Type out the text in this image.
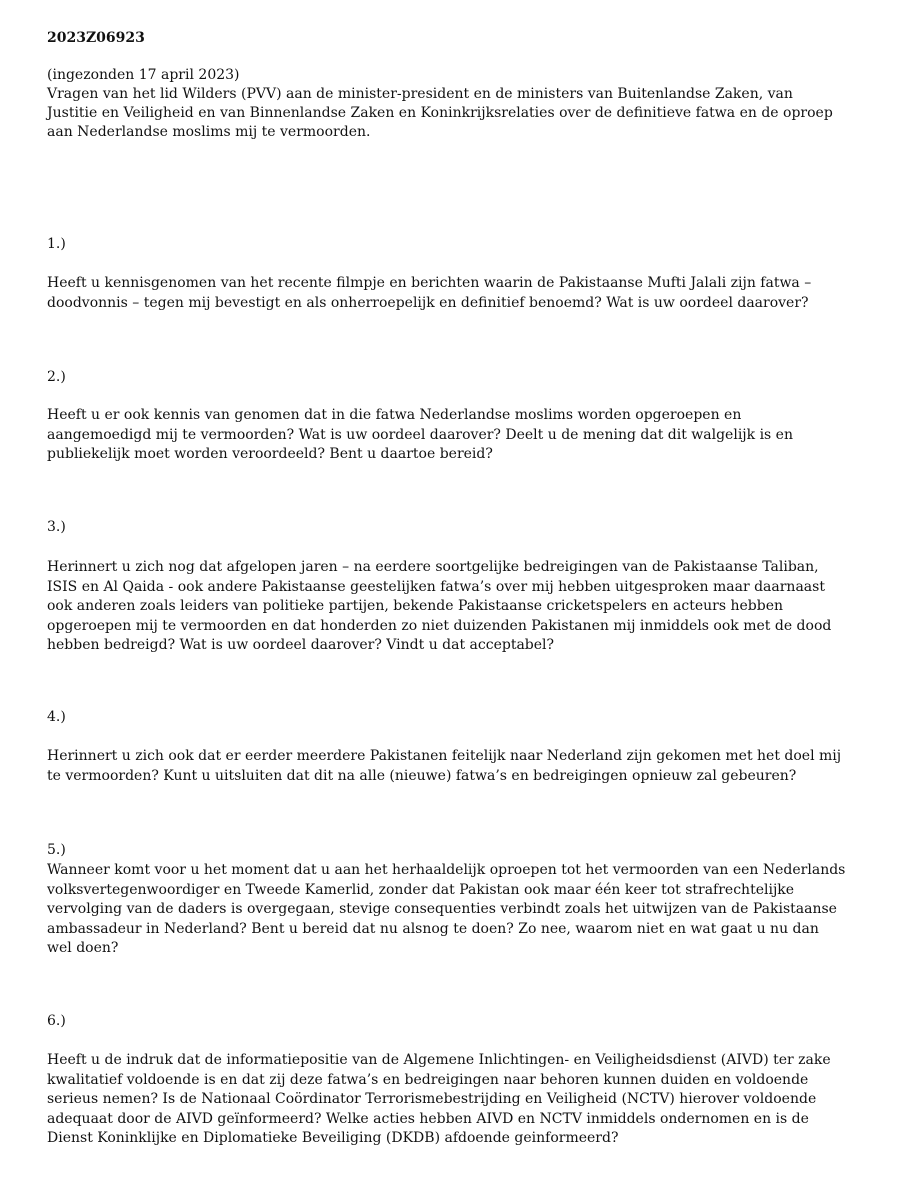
2023Z06923

(ingezonden 17 april 2023)

Vragen van het lid Wilders (PVV) aan de minister-president en de ministers van Buitenlandse Zaken, van Justitie en Veiligheid en van Binnenlandse Zaken en Koninkrijksrelaties over de definitieve fatwa en de oproep aan Nederlandse moslims mij te vermoorden.

1.)

Heeft u kennisgenomen van het recente filmpje en berichten waarin de Pakistaanse Mufti Jalali zijn fatwa – doodvonnis – tegen mij bevestigt en als onherroepelijk en definitief benoemd? Wat is uw oordeel daarover?

2.)

Heeft u er ook kennis van genomen dat in die fatwa Nederlandse moslims worden opgeroepen en aangemoedigd mij te vermoorden? Wat is uw oordeel daarover? Deelt u de mening dat dit walgelijk is en publiekelijk moet worden veroordeeld? Bent u daartoe bereid?

3.)

Herinnert u zich nog dat afgelopen jaren – na eerdere soortgelijke bedreigingen van de Pakistaanse Taliban, ISIS en Al Qaida - ook andere Pakistaanse geestelijken fatwa’s over mij hebben uitgesproken maar daarnaast ook anderen zoals leiders van politieke partijen, bekende Pakistaanse cricketspelers en acteurs hebben opgeroepen mij te vermoorden en dat honderden zo niet duizenden Pakistanen mij inmiddels ook met de dood hebben bedreigd? Wat is uw oordeel daarover? Vindt u dat acceptabel?

4.)

Herinnert u zich ook dat er eerder meerdere Pakistanen feitelijk naar Nederland zijn gekomen met het doel mij te vermoorden? Kunt u uitsluiten dat dit na alle (nieuwe) fatwa’s en bedreigingen opnieuw zal gebeuren?

5.)

Wanneer komt voor u het moment dat u aan het herhaaldelijk oproepen tot het vermoorden van een Nederlands volksvertegenwoordiger en Tweede Kamerlid, zonder dat Pakistan ook maar één keer tot strafrechtelijke vervolging van de daders is overgegaan, stevige consequenties verbindt zoals het uitwijzen van de Pakistaanse ambassadeur in Nederland? Bent u bereid dat nu alsnog te doen? Zo nee, waarom niet en wat gaat u nu dan wel doen?

6.)

Heeft u de indruk dat de informatiepositie van de Algemene Inlichtingen- en Veiligheidsdienst (AIVD) ter zake kwalitatief voldoende is en dat zij deze fatwa’s en bedreigingen naar behoren kunnen duiden en voldoende serieus nemen? Is de Nationaal Coördinator Terrorismebestrijding en Veiligheid (NCTV) hierover voldoende adequaat door de AIVD geïnformeerd? Welke acties hebben AIVD en NCTV inmiddels ondernomen en is de Dienst Koninklijke en Diplomatieke Beveiliging (DKDB) afdoende geinformeerd?
